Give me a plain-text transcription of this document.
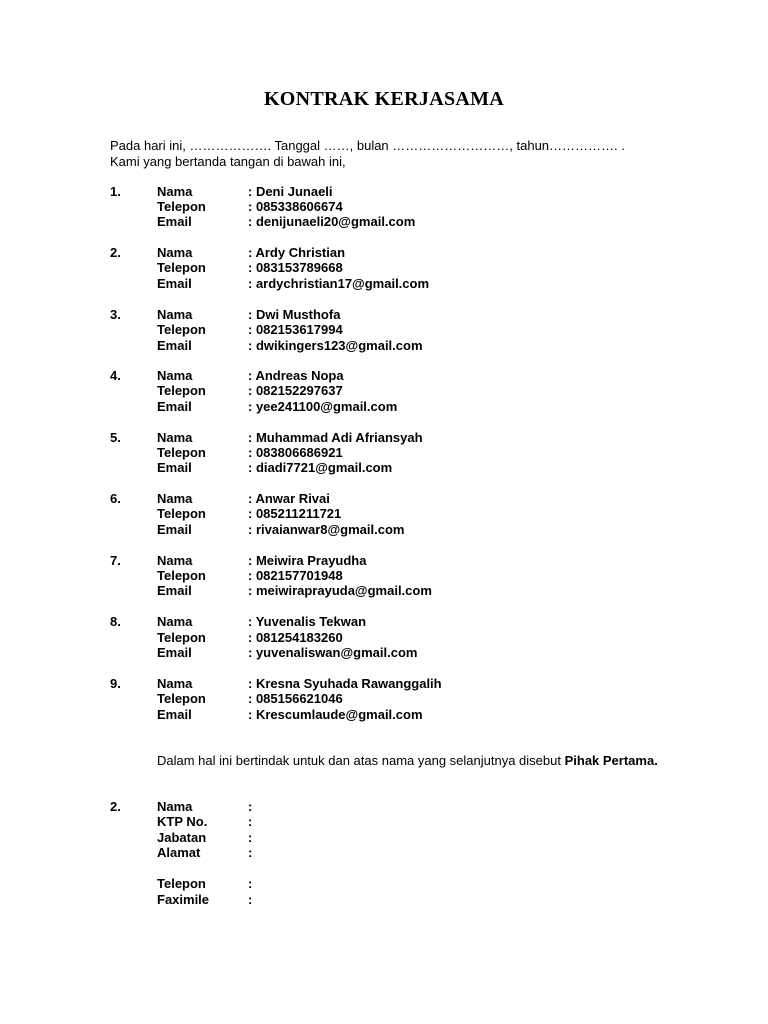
KONTRAK KERJASAMA
Pada hari ini, ………………. Tanggal ……, bulan ………………………, tahun……………. .
Kami yang bertanda tangan di bawah ini,
1.	Nama	: Deni Junaeli
Telepon	: 085338606674
Email	: denijunaeli20@gmail.com
2.	Nama	: Ardy Christian
Telepon	: 083153789668
Email	: ardychristian17@gmail.com
3.	Nama	: Dwi Musthofa
Telepon	: 082153617994
Email	: dwikingers123@gmail.com
4.	Nama	: Andreas Nopa
Telepon	: 082152297637
Email	: yee241100@gmail.com
5.	Nama	: Muhammad Adi Afriansyah
Telepon	: 083806686921
Email	: diadi7721@gmail.com
6.	Nama	: Anwar Rivai
Telepon	: 085211211721
Email	: rivaianwar8@gmail.com
7.	Nama	: Meiwira Prayudha
Telepon	: 082157701948
Email	: meiwiraprayuda@gmail.com
8.	Nama	: Yuvenalis Tekwan
Telepon	: 081254183260
Email	: yuvenaliswan@gmail.com
9.	Nama	: Kresna Syuhada Rawanggalih
Telepon	: 085156621046
Email	: Krescumlaude@gmail.com
Dalam hal ini bertindak untuk dan atas nama yang selanjutnya disebut Pihak Pertama.
2.	Nama	:
KTP No.	:
Jabatan	:
Alamat	:
Telepon	:
Faximile	:
